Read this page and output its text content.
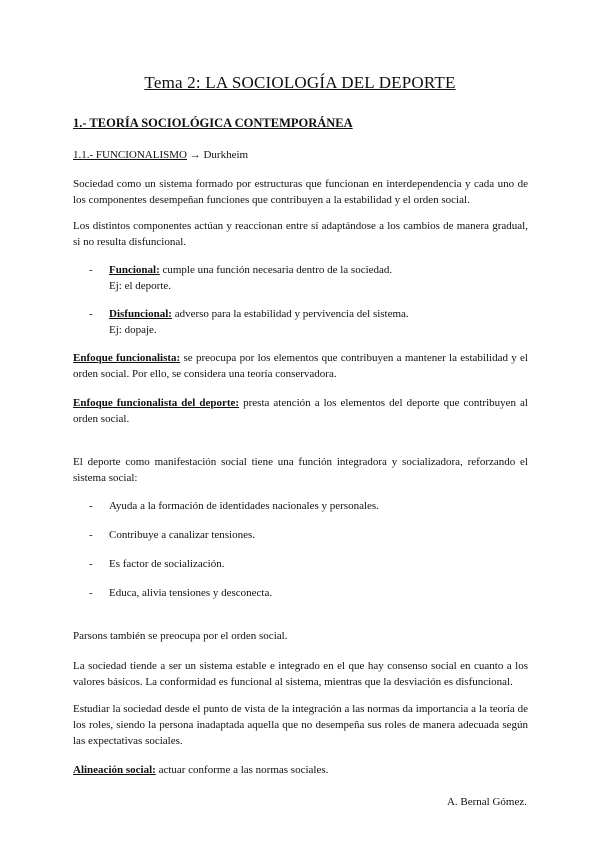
Tema 2: LA SOCIOLOGÍA DEL DEPORTE
1.- TEORÍA SOCIOLÓGICA CONTEMPORÁNEA
1.1.- FUNCIONALISMO → Durkheim
Sociedad como un sistema formado por estructuras que funcionan en interdependencia y cada uno de los componentes desempeñan funciones que contribuyen a la estabilidad y el orden social.
Los distintos componentes actúan y reaccionan entre sí adaptándose a los cambios de manera gradual, si no resulta disfuncional.
- Funcional: cumple una función necesaria dentro de la sociedad.
Ej: el deporte.
- Disfuncional: adverso para la estabilidad y pervivencia del sistema.
Ej: dopaje.
Enfoque funcionalista: se preocupa por los elementos que contribuyen a mantener la estabilidad y el orden social. Por ello, se considera una teoría conservadora.
Enfoque funcionalista del deporte: presta atención a los elementos del deporte que contribuyen al orden social.
El deporte como manifestación social tiene una función integradora y socializadora, reforzando el sistema social:
- Ayuda a la formación de identidades nacionales y personales.
- Contribuye a canalizar tensiones.
- Es factor de socialización.
- Educa, alivia tensiones y desconecta.
Parsons también se preocupa por el orden social.
La sociedad tiende a ser un sistema estable e integrado en el que hay consenso social en cuanto a los valores básicos. La conformidad es funcional al sistema, mientras que la desviación es disfuncional.
Estudiar la sociedad desde el punto de vista de la integración a las normas da importancia a la teoría de los roles, siendo la persona inadaptada aquella que no desempeña sus roles de manera adecuada según las expectativas sociales.
Alineación social: actuar conforme a las normas sociales.
A. Bernal Gómez.
